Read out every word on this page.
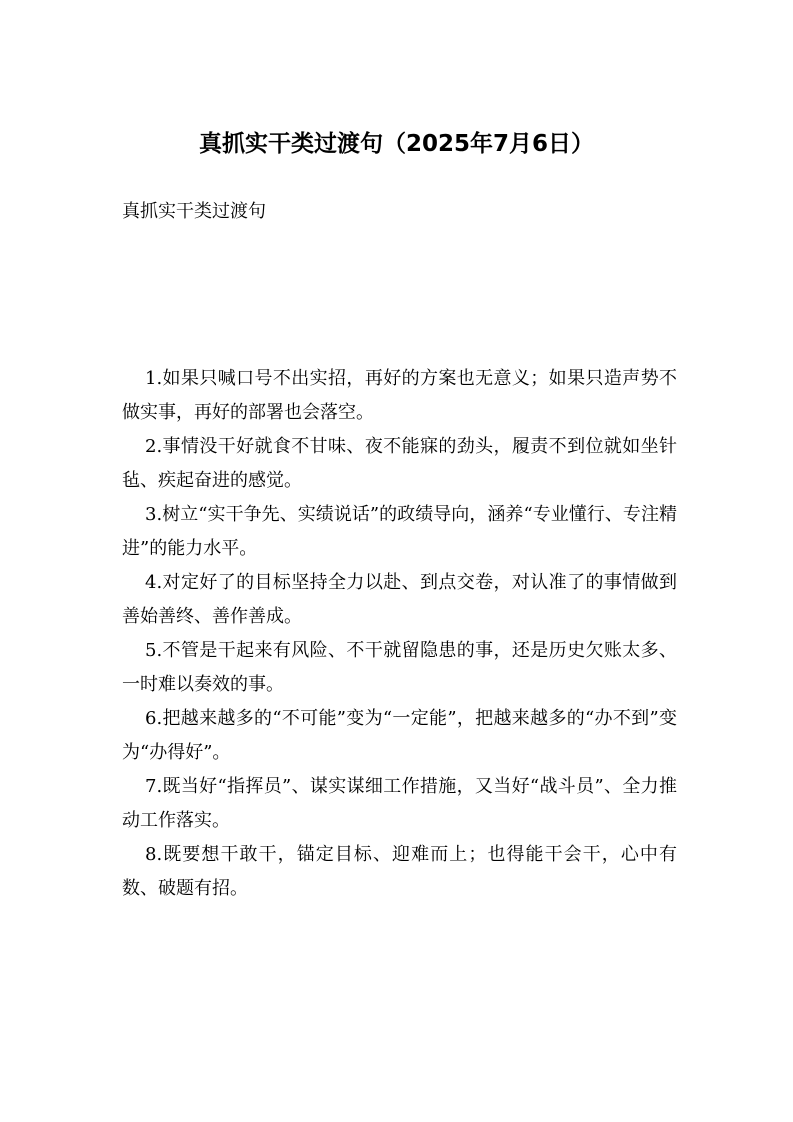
真抓实干类过渡句（2025年7月6日）

真抓实干类过渡句

1.如果只喊口号不出实招，再好的方案也无意义；如果只造声势不做实事，再好的部署也会落空。

2.事情没干好就食不甘味、夜不能寐的劲头，履责不到位就如坐针毡、疾起奋进的感觉。

3.树立“实干争先、实绩说话”的政绩导向，涵养“专业懂行、专注精进”的能力水平。

4.对定好了的目标坚持全力以赴、到点交卷，对认准了的事情做到善始善终、善作善成。

5.不管是干起来有风险、不干就留隐患的事，还是历史欠账太多、一时难以奏效的事。

6.把越来越多的“不可能”变为“一定能”，把越来越多的“办不到”变为“办得好”。

7.既当好“指挥员”、谋实谋细工作措施，又当好“战斗员”、全力推动工作落实。

8.既要想干敢干，锚定目标、迎难而上；也得能干会干，心中有数、破题有招。
